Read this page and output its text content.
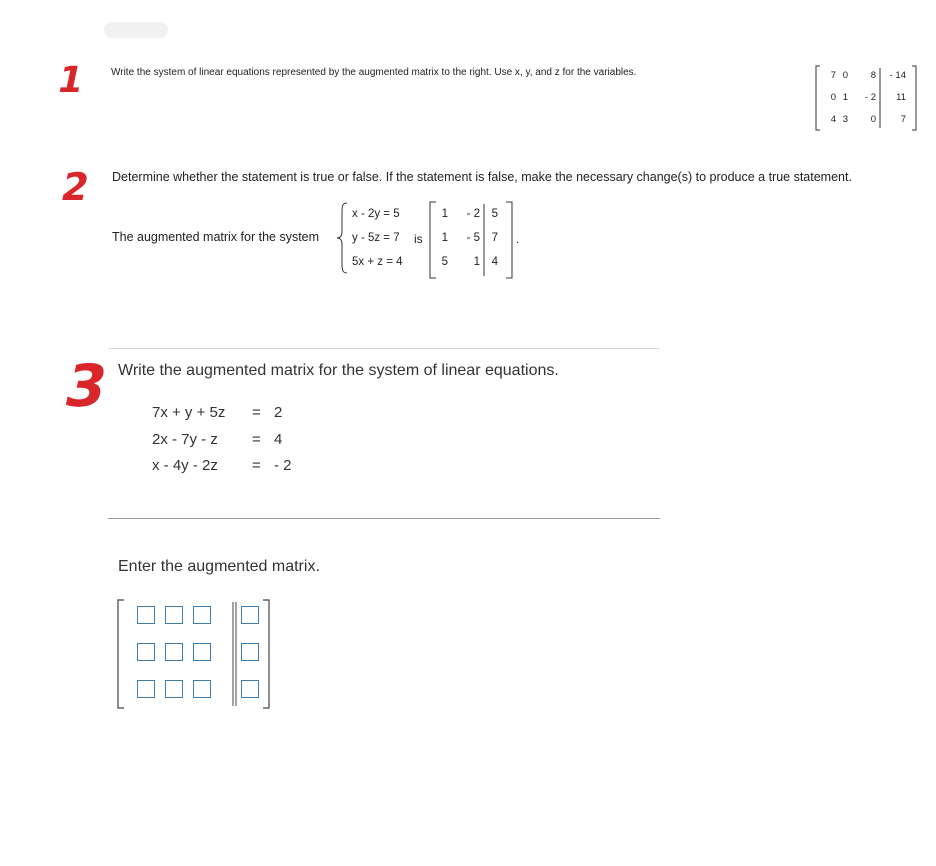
1 Write the system of linear equations represented by the augmented matrix to the right. Use x, y, and z for the variables.	7 0	8	- 14
0 1	- 2	11
4 3	0	7
2 Determine whether the statement is true or false. If the statement is false, make the necessary change(s) to produce a true statement.
The augmented matrix for the system
x - 2y = 5
y - 5z = 7
5x + z = 4
is
1	- 2	5
1	- 5	7
5	1	4
.
3 Write the augmented matrix for the system of linear equations.
7x + y + 5z = 2
2x - 7y - z = 4
x - 4y - 2z = - 2
Enter the augmented matrix.
